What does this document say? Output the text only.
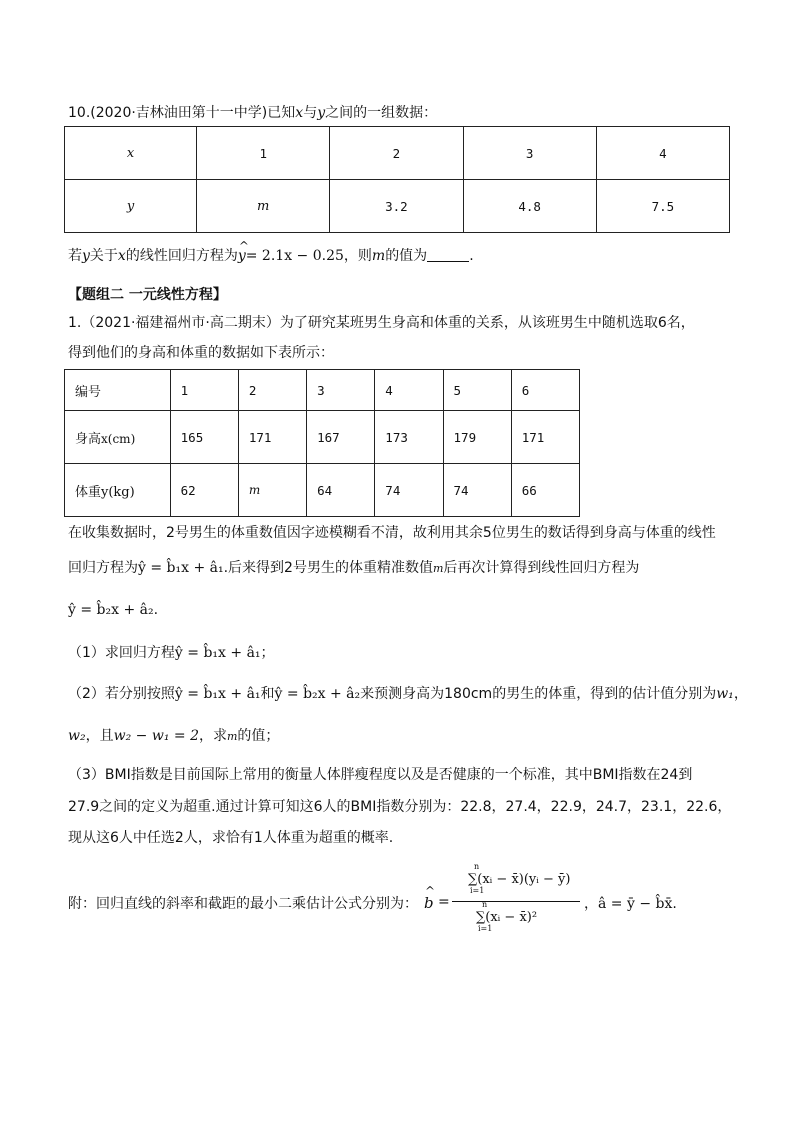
10.(2020·吉林油田第十一中学)已知x与y之间的一组数据：
x	1	2	3	4
y	m	3.2	4.8	7.5
若y关于x的线性回归方程为^ y= 2.1x − 0.25，则m的值为	.
【题组二 一元线性方程】
1.（2021·福建福州市·高二期末）为了研究某班男生身高和体重的关系，从该班男生中随机选取6名，
得到他们的身高和体重的数据如下表所示：
编号	1	2	3	4	5	6
身高x(cm)	165	171	167	173	179	171
体重y(kg)	62	m	64	74	74	66
在收集数据时，2号男生的体重数值因字迹模糊看不清，故利用其余5位男生的数话得到身高与体重的线性
回归方程为ŷ = b̂₁x + â₁.后来得到2号男生的体重精准数值m后再次计算得到线性回归方程为
ŷ = b̂₂x + â₂.
（1）求回归方程ŷ = b̂₁x + â₁；
（2）若分别按照ŷ = b̂₁x + â₁和ŷ = b̂₂x + â₂来预测身高为180cm的男生的体重，得到的估计值分别为w₁，
w₂，且w₂ − w₁ = 2，求m的值；
（3）BMI指数是目前国际上常用的衡量人体胖瘦程度以及是否健康的一个标准，其中BMI指数在24到
27.9之间的定义为超重.通过计算可知这6人的BMI指数分别为：22.8，27.4，22.9，24.7，23.1，22.6，
现从这6人中任选2人，求恰有1人体重为超重的概率.
附：回归直线的斜率和截距的最小二乘估计公式分别为： ^ b =
n
i=1
∑(xᵢ − x̄)(yᵢ − ȳ)
n
i=1
∑(xᵢ − x̄)²
，â = ȳ − b̂x̄.
